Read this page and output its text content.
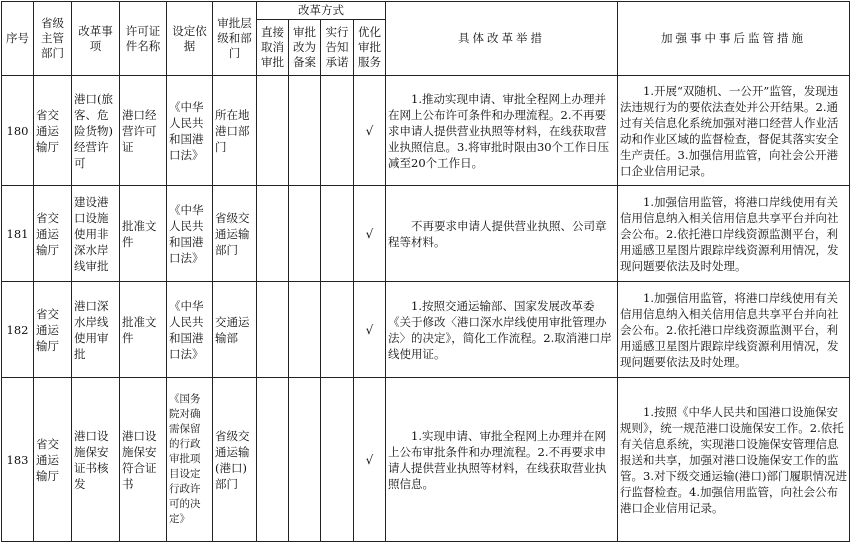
序号	省级主管部门	改革事项	许可证件名称	设定依据	审批层级和部门	改革方式				具体改革举措	加强事中事后监管措施
						直接取消审批	审批改为备案	实行告知承诺	优化审批服务		
180	省交通运输厅	港口(旅客、危险货物)经营许可	港口经营许可证	《中华人民共和国港口法》	所在地港口部门				√	1.推动实现申请、审批全程网上办理并在网上公布许可条件和办理流程。2.不再要求申请人提供营业执照等材料，在线获取营业执照信息。3.将审批时限由30个工作日压减至20个工作日。	1.开展“双随机、一公开”监管，发现违法违规行为的要依法查处并公开结果。2.通过有关信息化系统加强对港口经营人作业活动和作业区域的监督检查，督促其落实安全生产责任。3.加强信用监管，向社会公开港口企业信用记录。
181	省交通运输厅	建设港口设施使用非深水岸线审批	批准文件	《中华人民共和国港口法》	省级交通运输部门				√	不再要求申请人提供营业执照、公司章程等材料。	1.加强信用监管，将港口岸线使用有关信用信息纳入相关信用信息共享平台并向社会公布。2.依托港口岸线资源监测平台，利用遥感卫星图片跟踪岸线资源利用情况，发现问题要依法及时处理。
182	省交通运输厅	港口深水岸线使用审批	批准文件	《中华人民共和国港口法》	交通运输部				√	1.按照交通运输部、国家发展改革委《关于修改〈港口深水岸线使用审批管理办法〉的决定》，简化工作流程。2.取消港口岸线使用证。	1.加强信用监管，将港口岸线使用有关信用信息纳入相关信用信息共享平台并向社会公布。2.依托港口岸线资源监测平台，利用遥感卫星图片跟踪岸线资源利用情况，发现问题要依法及时处理。
183	省交通运输厅	港口设施保安证书核发	港口设施保安符合证书	《国务院对确需保留的行政审批项目设定行政许可的决定》	省级交通运输(港口)部门				√	1.实现申请、审批全程网上办理并在网上公布审批条件和办理流程。2.不再要求申请人提供营业执照等材料，在线获取营业执照信息。	1.按照《中华人民共和国港口设施保安规则》，统一规范港口设施保安工作。2.依托有关信息系统，实现港口设施保安管理信息报送和共享，加强对港口设施保安工作的监管。3.对下级交通运输(港口)部门履职情况进行监督检查。4.加强信用监管，向社会公布港口企业信用记录。
